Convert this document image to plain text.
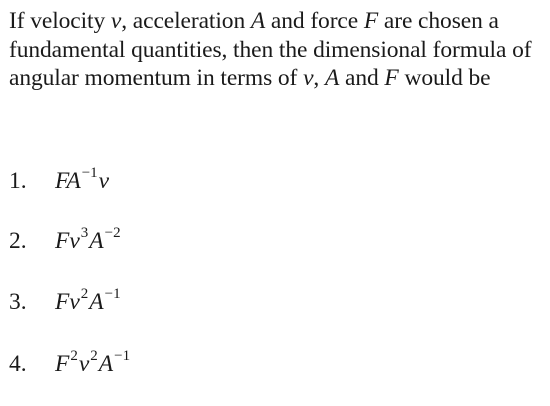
If velocity v, acceleration A and force F are chosen a fundamental quantities, then the dimensional formula of angular momentum in terms of v, A and F would be
1.	$FA^{-1}v$
2.	$Fv^3A^{-2}$
3.	$Fv^2A^{-1}$
4.	$F^2v^2A^{-1}$
